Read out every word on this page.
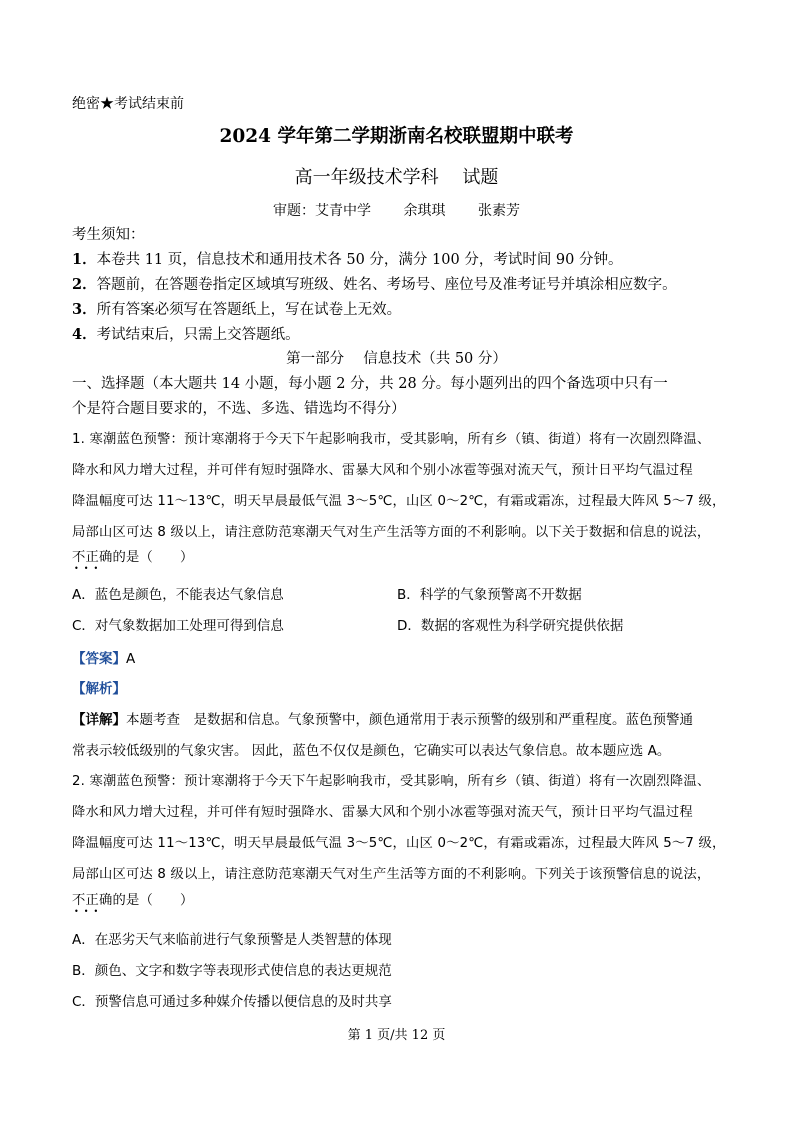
绝密★考试结束前
2024 学年第二学期浙南名校联盟期中联考
高一年级技术学科　 试题
审题：艾青中学 余琪琪 张素芳
考生须知：
1．本卷共 11 页，信息技术和通用技术各 50 分，满分 100 分，考试时间 90 分钟。
2．答题前，在答题卷指定区域填写班级、姓名、考场号、座位号及准考证号并填涂相应数字。
3．所有答案必须写在答题纸上，写在试卷上无效。
4．考试结束后，只需上交答题纸。
第一部分　 信息技术（共 50 分）
一、选择题（本大题共 14 小题，每小题 2 分，共 28 分。每小题列出的四个备选项中只有一
个是符合题目要求的，不选、多选、错选均不得分）
1. 寒潮蓝色预警：预计寒潮将于今天下午起影响我市，受其影响，所有乡（镇、街道）将有一次剧烈降温、
降水和风力增大过程，并可伴有短时强降水、雷暴大风和个别小冰雹等强对流天气，预计日平均气温过程
降温幅度可达 11～13℃，明天早晨最低气温 3～5℃，山区 0～2℃，有霜或霜冻，过程最大阵风 5～7 级，
局部山区可达 8 级以上，请注意防范寒潮天气对生产生活等方面的不利影响。以下关于数据和信息的说法，
不正确的是（　　）
•••
A．蓝色是颜色，不能表达气象信息	B．科学的气象预警离不开数据
C．对气象数据加工处理可得到信息	D．数据的客观性为科学研究提供依据
【答案】A
【解析】
【详解】本题考查　是数据和信息。气象预警中，颜色通常用于表示预警的级别和严重程度。蓝色预警通
常表示较低级别的气象灾害。 因此，蓝色不仅仅是颜色，它确实可以表达气象信息。故本题应选 A。
2. 寒潮蓝色预警：预计寒潮将于今天下午起影响我市，受其影响，所有乡（镇、街道）将有一次剧烈降温、
降水和风力增大过程，并可伴有短时强降水、雷暴大风和个别小冰雹等强对流天气，预计日平均气温过程
降温幅度可达 11～13℃，明天早晨最低气温 3～5℃，山区 0～2℃，有霜或霜冻，过程最大阵风 5～7 级，
局部山区可达 8 级以上，请注意防范寒潮天气对生产生活等方面的不利影响。下列关于该预警信息的说法，
不正确的是（　　）
•••
A．在恶劣天气来临前进行气象预警是人类智慧的体现
B．颜色、文字和数字等表现形式使信息的表达更规范
C．预警信息可通过多种媒介传播以便信息的及时共享
第 1 页/共 12 页
